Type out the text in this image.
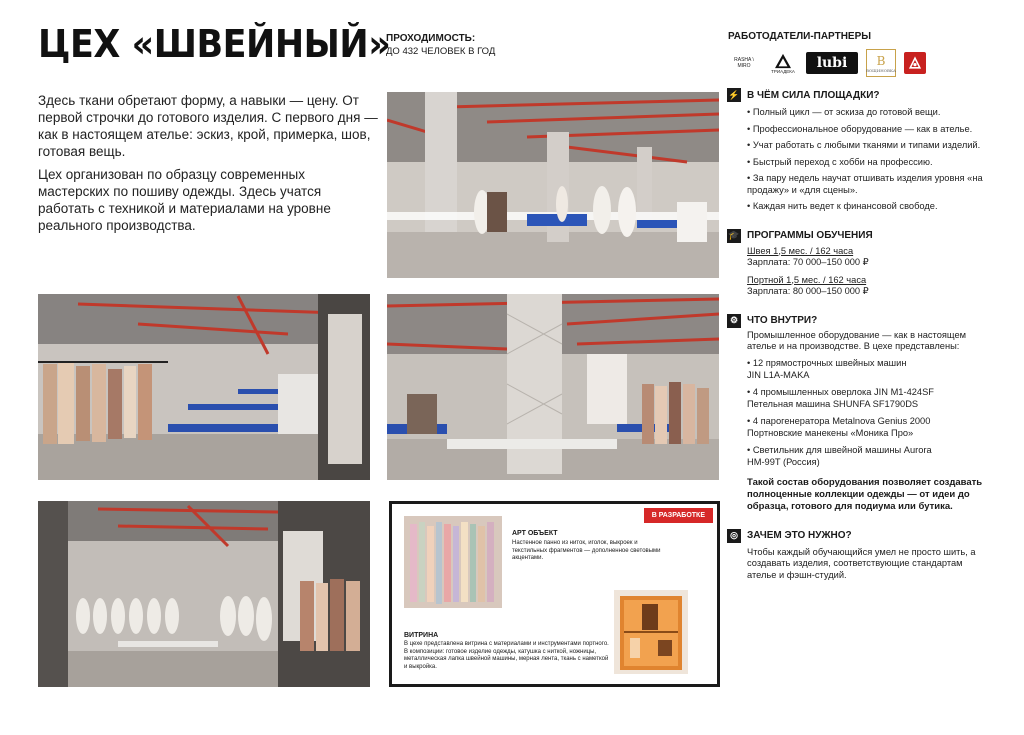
ЦЕХ «ШВЕЙНЫЙ»
ПРОХОДИМОСТЬ:
ДО 432 ЧЕЛОВЕК В ГОД
РАБОТОДАТЕЛИ-ПАРТНЕРЫ
RASHA \ MIRO
ТРИАДЕКА	lubi	B
ВОЩИНОВКА

Здесь ткани обретают форму, а навыки — цену. От первой строчки до готового изделия. С первого дня — как в настоящем ателье: эскиз, крой, примерка, шов, готовая вещь.

Цех организован по образцу современных мастерских по пошиву одежды. Здесь учатся работать с техникой и материалами на уровне реального производства.

В РАЗРАБОТКЕ
АРТ ОБЪЕКТ
Настенное панно из ниток, иголок, выкроек и текстильных фрагментов — дополненное световыми акцентами.
ВИТРИНА
В цехе представлена витрина с материалами и инструментами портного. В композиции: готовое изделие одежды, катушка с ниткой, ножницы, металлическая лапка швейной машины, мерная лента, ткань с наметкой и выкройка.
⚡ В ЧЁМ СИЛА ПЛОЩАДКИ?
• Полный цикл — от эскиза до готовой вещи.
• Профессиональное оборудование — как в ателье.
• Учат работать с любыми тканями и типами изделий.
• Быстрый переход с хобби на профессию.
• За пару недель научат отшивать изделия уровня «на продажу» и «для сцены».
• Каждая нить ведет к финансовой свободе.
🎓 ПРОГРАММЫ ОБУЧЕНИЯ
Швея 1,5 мес. / 162 часа
Зарплата: 70 000–150 000 ₽
Портной 1,5 мес. / 162 часа
Зарплата: 80 000–150 000 ₽
⚙ ЧТО ВНУТРИ?
Промышленное оборудование — как в настоящем ателье и на производстве. В цехе представлены:
• 12 прямострочных швейных машин
JIN L1A-MAKA
• 4 промышленных оверлока JIN M1-424SF
Петельная машина SHUNFA SF1790DS
• 4 парогенератора Metalnova Genius 2000
Портновские манекены «Моника Про»
• Светильник для швейной машины Aurora
HM-99T (Россия)
Такой состав оборудования позволяет создавать полноценные коллекции одежды — от идеи до образца, готового для подиума или бутика.
◎ ЗАЧЕМ ЭТО НУЖНО?
Чтобы каждый обучающийся умел не просто шить, а создавать изделия, соответствующие стандартам ателье и фэшн-студий.
